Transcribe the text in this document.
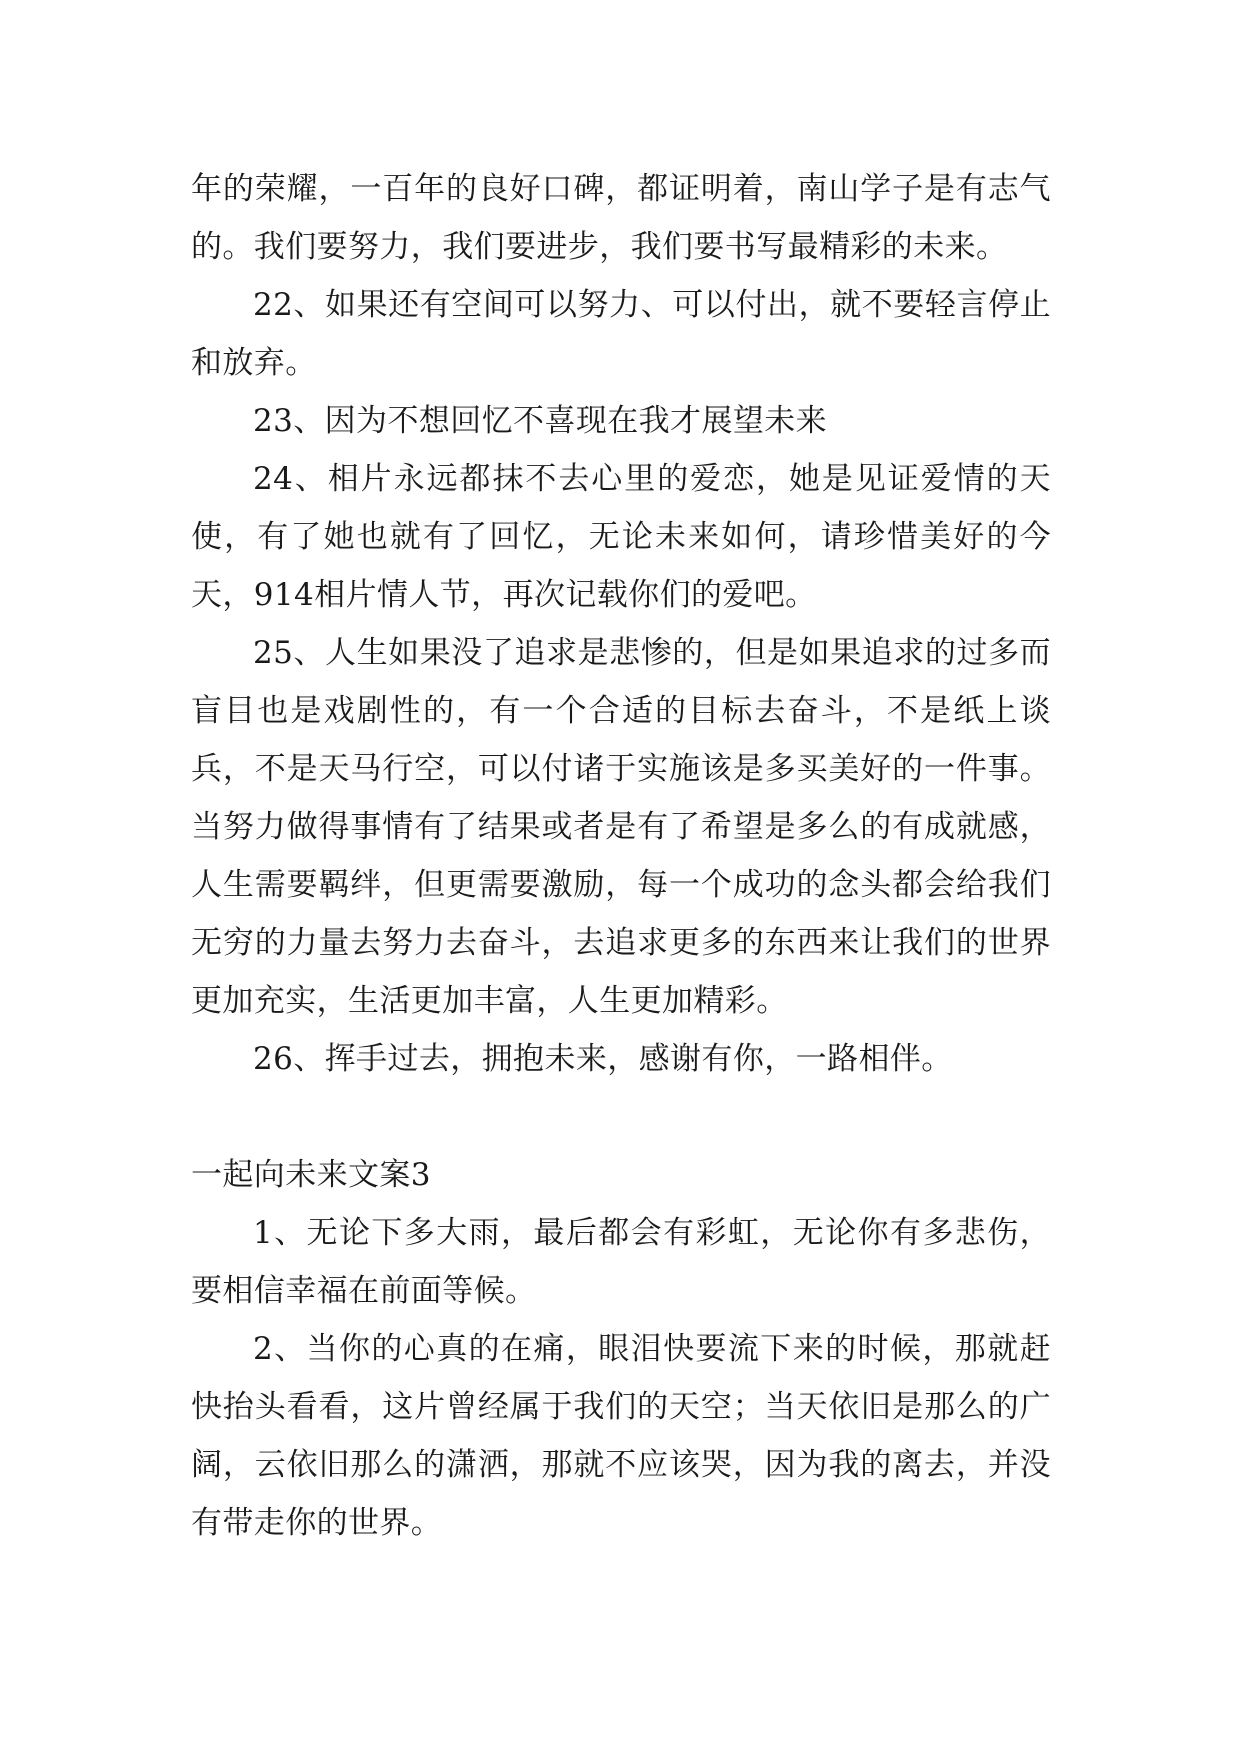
年的荣耀，一百年的良好口碑，都证明着，南山学子是有志气的。我们要努力，我们要进步，我们要书写最精彩的未来。

22、如果还有空间可以努力、可以付出，就不要轻言停止和放弃。

23、因为不想回忆不喜现在我才展望未来

24、相片永远都抹不去心里的爱恋，她是见证爱情的天使，有了她也就有了回忆，无论未来如何，请珍惜美好的今天，914相片情人节，再次记载你们的爱吧。

25、人生如果没了追求是悲惨的，但是如果追求的过多而盲目也是戏剧性的，有一个合适的目标去奋斗，不是纸上谈兵，不是天马行空，可以付诸于实施该是多买美好的一件事。当努力做得事情有了结果或者是有了希望是多么的有成就感，人生需要羁绊，但更需要激励，每一个成功的念头都会给我们无穷的力量去努力去奋斗，去追求更多的东西来让我们的世界更加充实，生活更加丰富，人生更加精彩。

26、挥手过去，拥抱未来，感谢有你，一路相伴。

一起向未来文案3

1、无论下多大雨，最后都会有彩虹，无论你有多悲伤，要相信幸福在前面等候。

2、当你的心真的在痛，眼泪快要流下来的时候，那就赶快抬头看看，这片曾经属于我们的天空；当天依旧是那么的广阔，云依旧那么的潇洒，那就不应该哭，因为我的离去，并没有带走你的世界。
